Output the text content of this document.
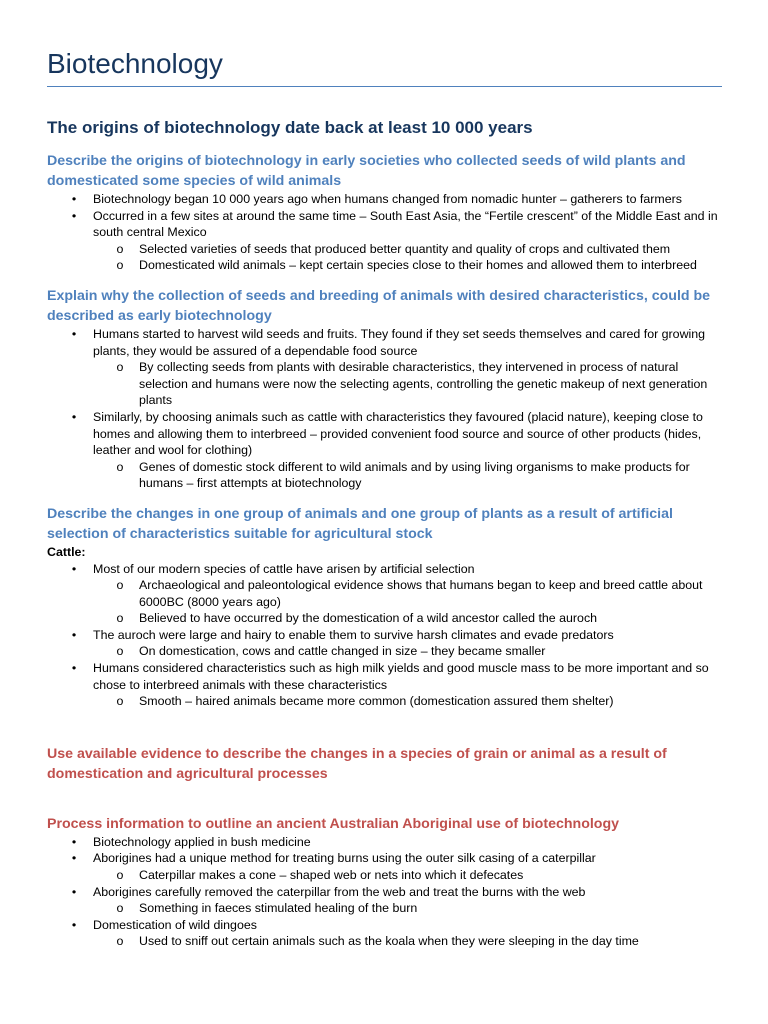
Biotechnology
The origins of biotechnology date back at least 10 000 years
Describe the origins of biotechnology in early societies who collected seeds of wild plants and domesticated some species of wild animals
• Biotechnology began 10 000 years ago when humans changed from nomadic hunter – gatherers to farmers
• Occurred in a few sites at around the same time – South East Asia, the “Fertile crescent” of the Middle East and in south central Mexico
o Selected varieties of seeds that produced better quantity and quality of crops and cultivated them
o Domesticated wild animals – kept certain species close to their homes and allowed them to interbreed
Explain why the collection of seeds and breeding of animals with desired characteristics, could be described as early biotechnology
• Humans started to harvest wild seeds and fruits. They found if they set seeds themselves and cared for growing plants, they would be assured of a dependable food source
o By collecting seeds from plants with desirable characteristics, they intervened in process of natural selection and humans were now the selecting agents, controlling the genetic makeup of next generation plants
• Similarly, by choosing animals such as cattle with characteristics they favoured (placid nature), keeping close to homes and allowing them to interbreed – provided convenient food source and source of other products (hides, leather and wool for clothing)
o Genes of domestic stock different to wild animals and by using living organisms to make products for humans – first attempts at biotechnology
Describe the changes in one group of animals and one group of plants as a result of artificial selection of characteristics suitable for agricultural stock

Cattle:

• Most of our modern species of cattle have arisen by artificial selection
o Archaeological and paleontological evidence shows that humans began to keep and breed cattle about 6000BC (8000 years ago)
o Believed to have occurred by the domestication of a wild ancestor called the auroch
• The auroch were large and hairy to enable them to survive harsh climates and evade predators
o On domestication, cows and cattle changed in size – they became smaller
• Humans considered characteristics such as high milk yields and good muscle mass to be more important and so chose to interbreed animals with these characteristics
o Smooth – haired animals became more common (domestication assured them shelter)
Use available evidence to describe the changes in a species of grain or animal as a result of domestication and agricultural processes
Process information to outline an ancient Australian Aboriginal use of biotechnology
• Biotechnology applied in bush medicine
• Aborigines had a unique method for treating burns using the outer silk casing of a caterpillar
o Caterpillar makes a cone – shaped web or nets into which it defecates
• Aborigines carefully removed the caterpillar from the web and treat the burns with the web
o Something in faeces stimulated healing of the burn
• Domestication of wild dingoes
o Used to sniff out certain animals such as the koala when they were sleeping in the day time
